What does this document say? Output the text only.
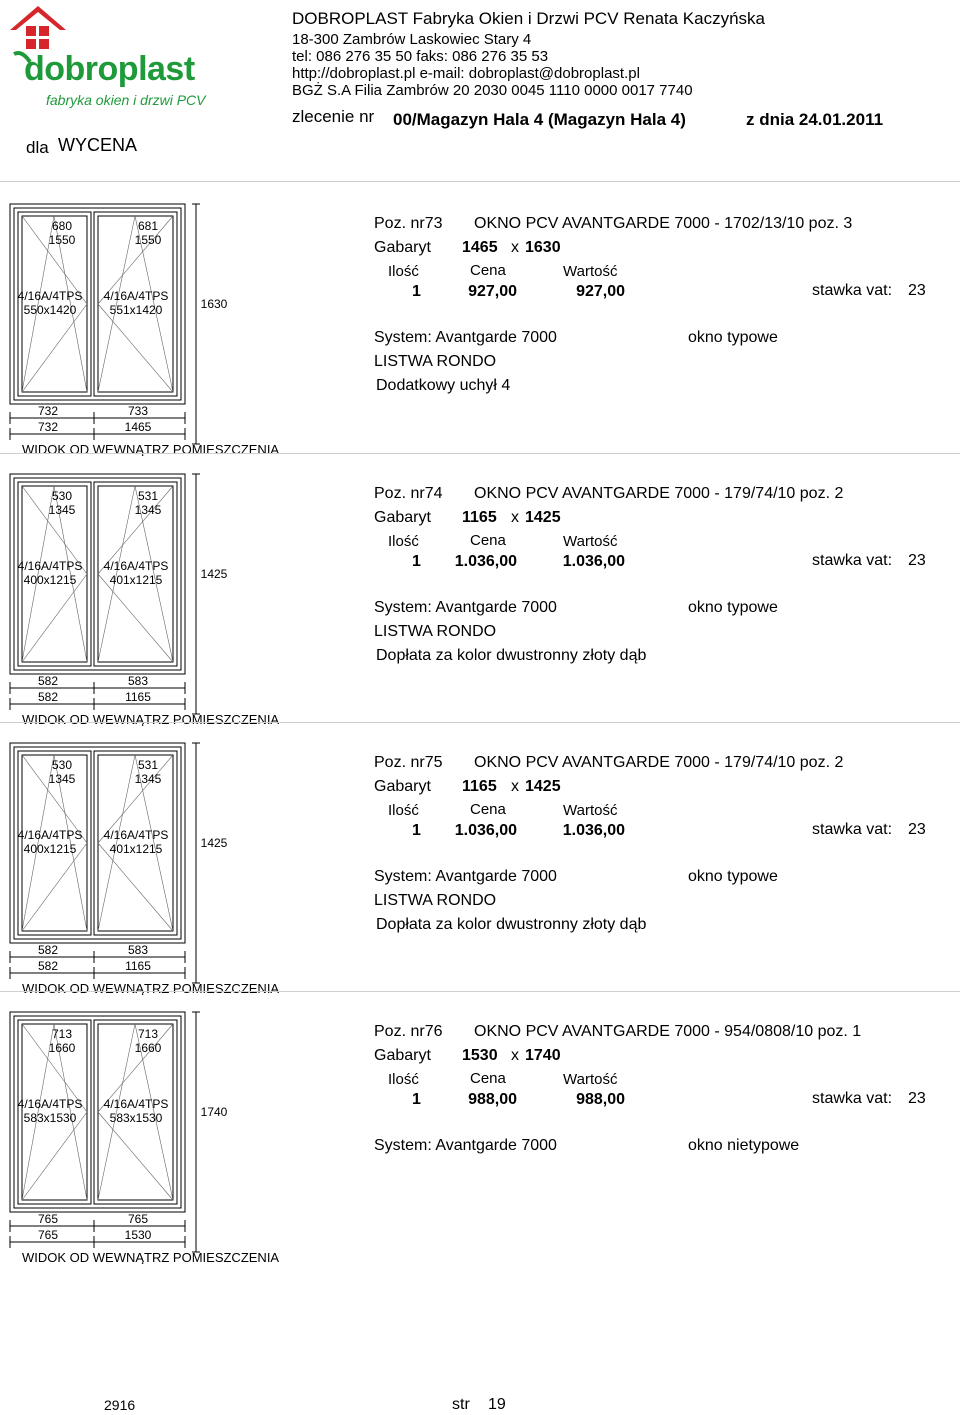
dobroplast
fabryka okien i drzwi PCV
DOBROPLAST Fabryka Okien i Drzwi PCV Renata Kaczyńska
18-300 Zambrów Laskowiec Stary 4
tel: 086 276 35 50 faks: 086 276 35 53
http://dobroplast.pl e-mail: dobroplast@dobroplast.pl
BGŻ S.A Filia Zambrów 20 2030 0045 1110 0000 0017 7740
zlecenie nr 00/Magazyn Hala 4 (Magazyn Hala 4)	z dnia 24.01.2011
dla WYCENA
680
1550
681
1550
4/16A/4TPS
550x1420
4/16A/4TPS
551x1420	1630
732	733
732	1465
WIDOK OD WEWNĄTRZ POMIESZCZENIA
Poz. nr73 OKNO PCV AVANTGARDE 7000 - 1702/13/10 poz. 3
Gabaryt 1465 x 1630
Ilość	Cena	Wartość
1	927,00	927,00	stawka vat: 23
System: Avantgarde 7000	okno typowe
LISTWA RONDO
Dodatkowy uchył 4
530
1345
531
1345
4/16A/4TPS
400x1215
4/16A/4TPS
401x1215	1425
582	583
582	1165
WIDOK OD WEWNĄTRZ POMIESZCZENIA
Poz. nr74 OKNO PCV AVANTGARDE 7000 - 179/74/10 poz. 2
Gabaryt 1165 x 1425
Ilość	Cena	Wartość
1 1.036,00	1.036,00	stawka vat: 23
System: Avantgarde 7000	okno typowe
LISTWA RONDO
Dopłata za kolor dwustronny złoty dąb
530
1345
531
1345
4/16A/4TPS
400x1215
4/16A/4TPS
401x1215	1425
582	583
582	1165
WIDOK OD WEWNĄTRZ POMIESZCZENIA
Poz. nr75 OKNO PCV AVANTGARDE 7000 - 179/74/10 poz. 2
Gabaryt 1165 x 1425
Ilość	Cena	Wartość
1 1.036,00	1.036,00	stawka vat: 23
System: Avantgarde 7000	okno typowe
LISTWA RONDO
Dopłata za kolor dwustronny złoty dąb
713
1660
713
1660
4/16A/4TPS
583x1530
4/16A/4TPS
583x1530	1740
765	765
765	1530
WIDOK OD WEWNĄTRZ POMIESZCZENIA
Poz. nr76 OKNO PCV AVANTGARDE 7000 - 954/0808/10 poz. 1
Gabaryt 1530 x 1740
Ilość	Cena	Wartość
1	988,00	988,00	stawka vat: 23
System: Avantgarde 7000	okno nietypowe
2916	str 19
